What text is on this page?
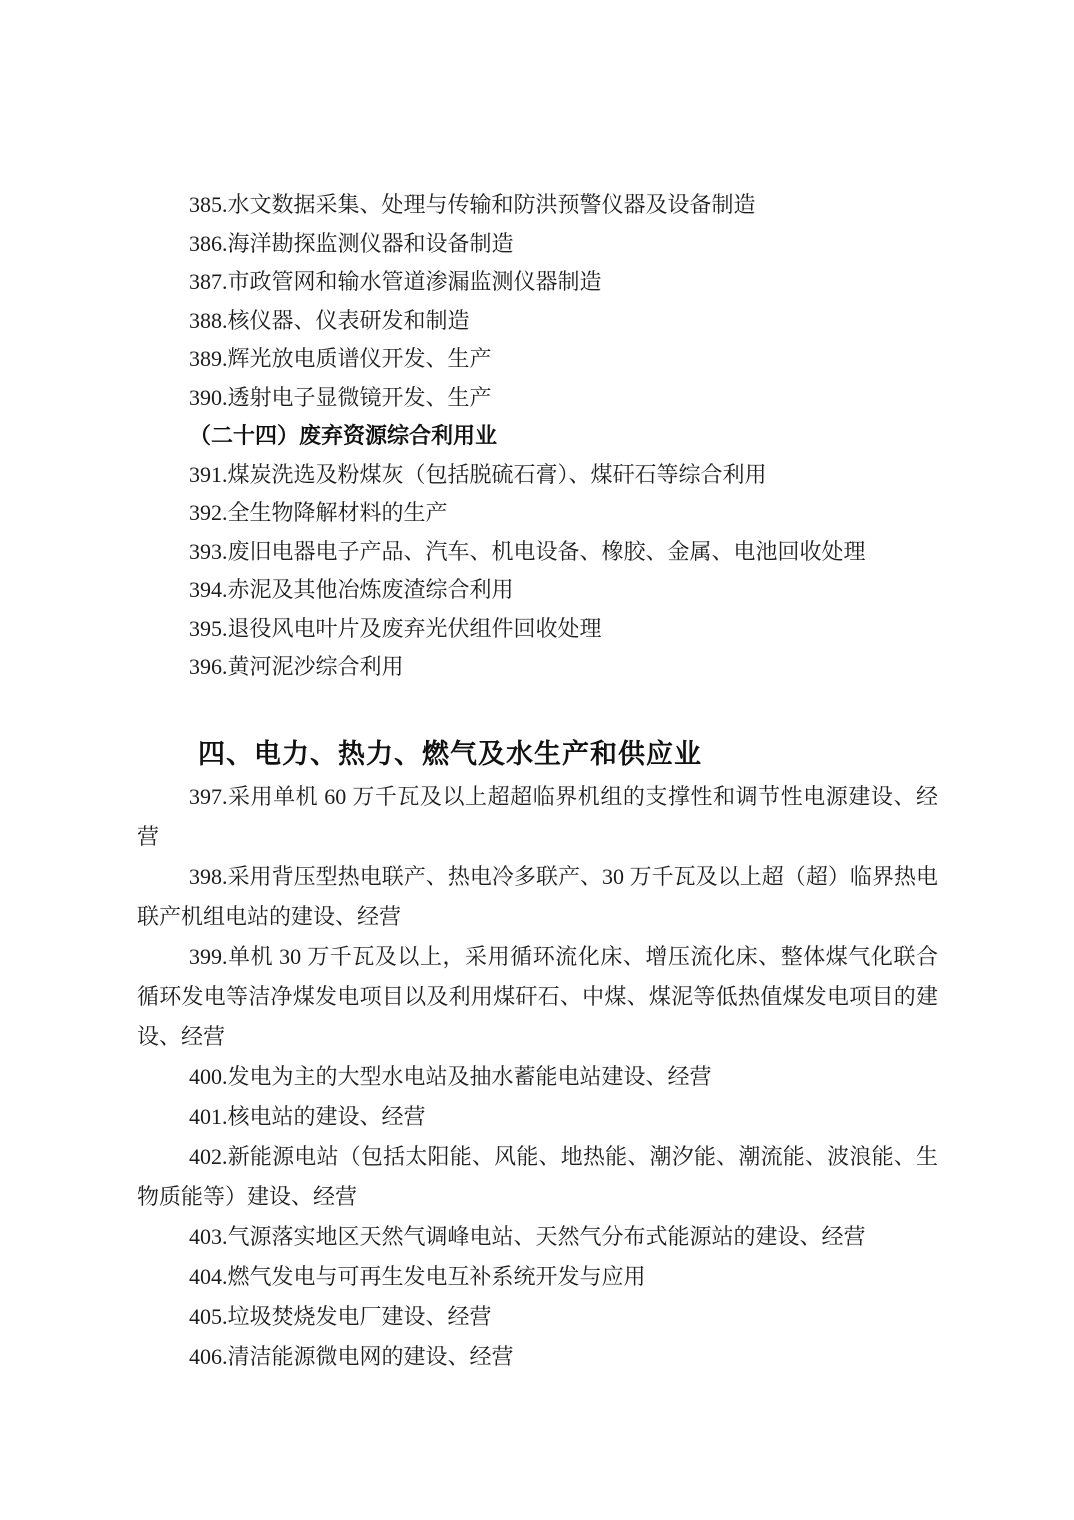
385.水文数据采集、处理与传输和防洪预警仪器及设备制造

386.海洋勘探监测仪器和设备制造

387.市政管网和输水管道渗漏监测仪器制造

388.核仪器、仪表研发和制造

389.辉光放电质谱仪开发、生产

390.透射电子显微镜开发、生产

（二十四）废弃资源综合利用业

391.煤炭洗选及粉煤灰（包括脱硫石膏）、煤矸石等综合利用

392.全生物降解材料的生产

393.废旧电器电子产品、汽车、机电设备、橡胶、金属、电池回收处理

394.赤泥及其他冶炼废渣综合利用

395.退役风电叶片及废弃光伏组件回收处理

396.黄河泥沙综合利用

四、电力、热力、燃气及水生产和供应业

397.采用单机 60 万千瓦及以上超超临界机组的支撑性和调节性电源建设、经营

398.采用背压型热电联产、热电冷多联产、30 万千瓦及以上超（超）临界热电联产机组电站的建设、经营

399.单机 30 万千瓦及以上，采用循环流化床、增压流化床、整体煤气化联合循环发电等洁净煤发电项目以及利用煤矸石、中煤、煤泥等低热值煤发电项目的建设、经营

400.发电为主的大型水电站及抽水蓄能电站建设、经营

401.核电站的建设、经营

402.新能源电站（包括太阳能、风能、地热能、潮汐能、潮流能、波浪能、生物质能等）建设、经营

403.气源落实地区天然气调峰电站、天然气分布式能源站的建设、经营

404.燃气发电与可再生发电互补系统开发与应用

405.垃圾焚烧发电厂建设、经营

406.清洁能源微电网的建设、经营
